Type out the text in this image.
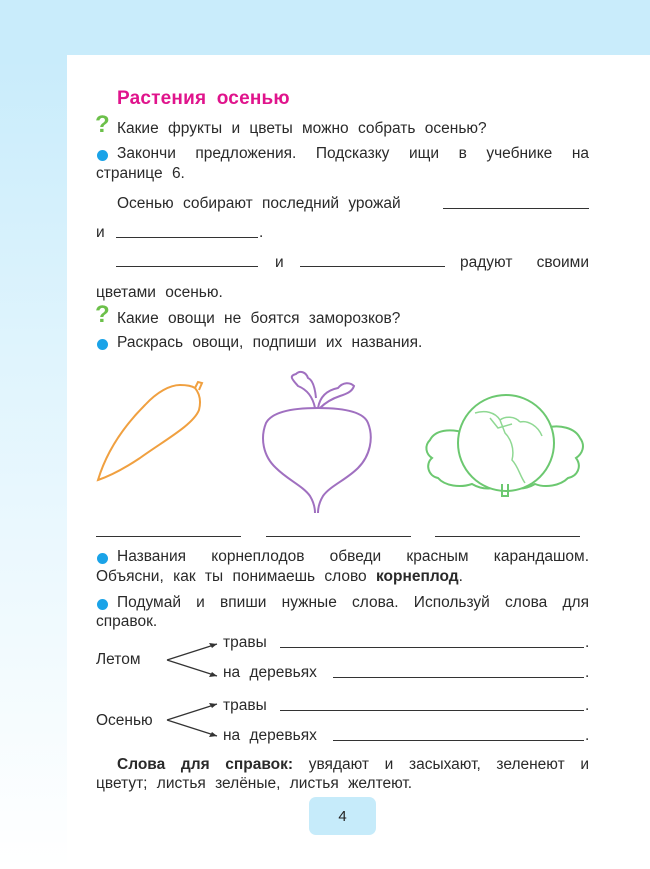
Растения осенью
? Какие фрукты и цветы можно собрать осенью?
Закончи предложения. Подсказку ищи в учебнике на
странице 6.
Осенью собирают последний урожай
и	.
и	радуют своими
цветами осенью.
? Какие овощи не боятся заморозков?
Раскрась овощи, подпиши их названия.
Названия корнеплодов обведи красным карандашом.
Объясни, как ты понимаешь слово корнеплод.
Подумай и впиши нужные слова. Используй слова для
справок.
Летом
травы	.
на деревьях	.
Осенью
травы	.
на деревьях	.
Слова для справок: увядают и засыхают, зеленеют и
цветут; листья зелёные, листья желтеют.
4
